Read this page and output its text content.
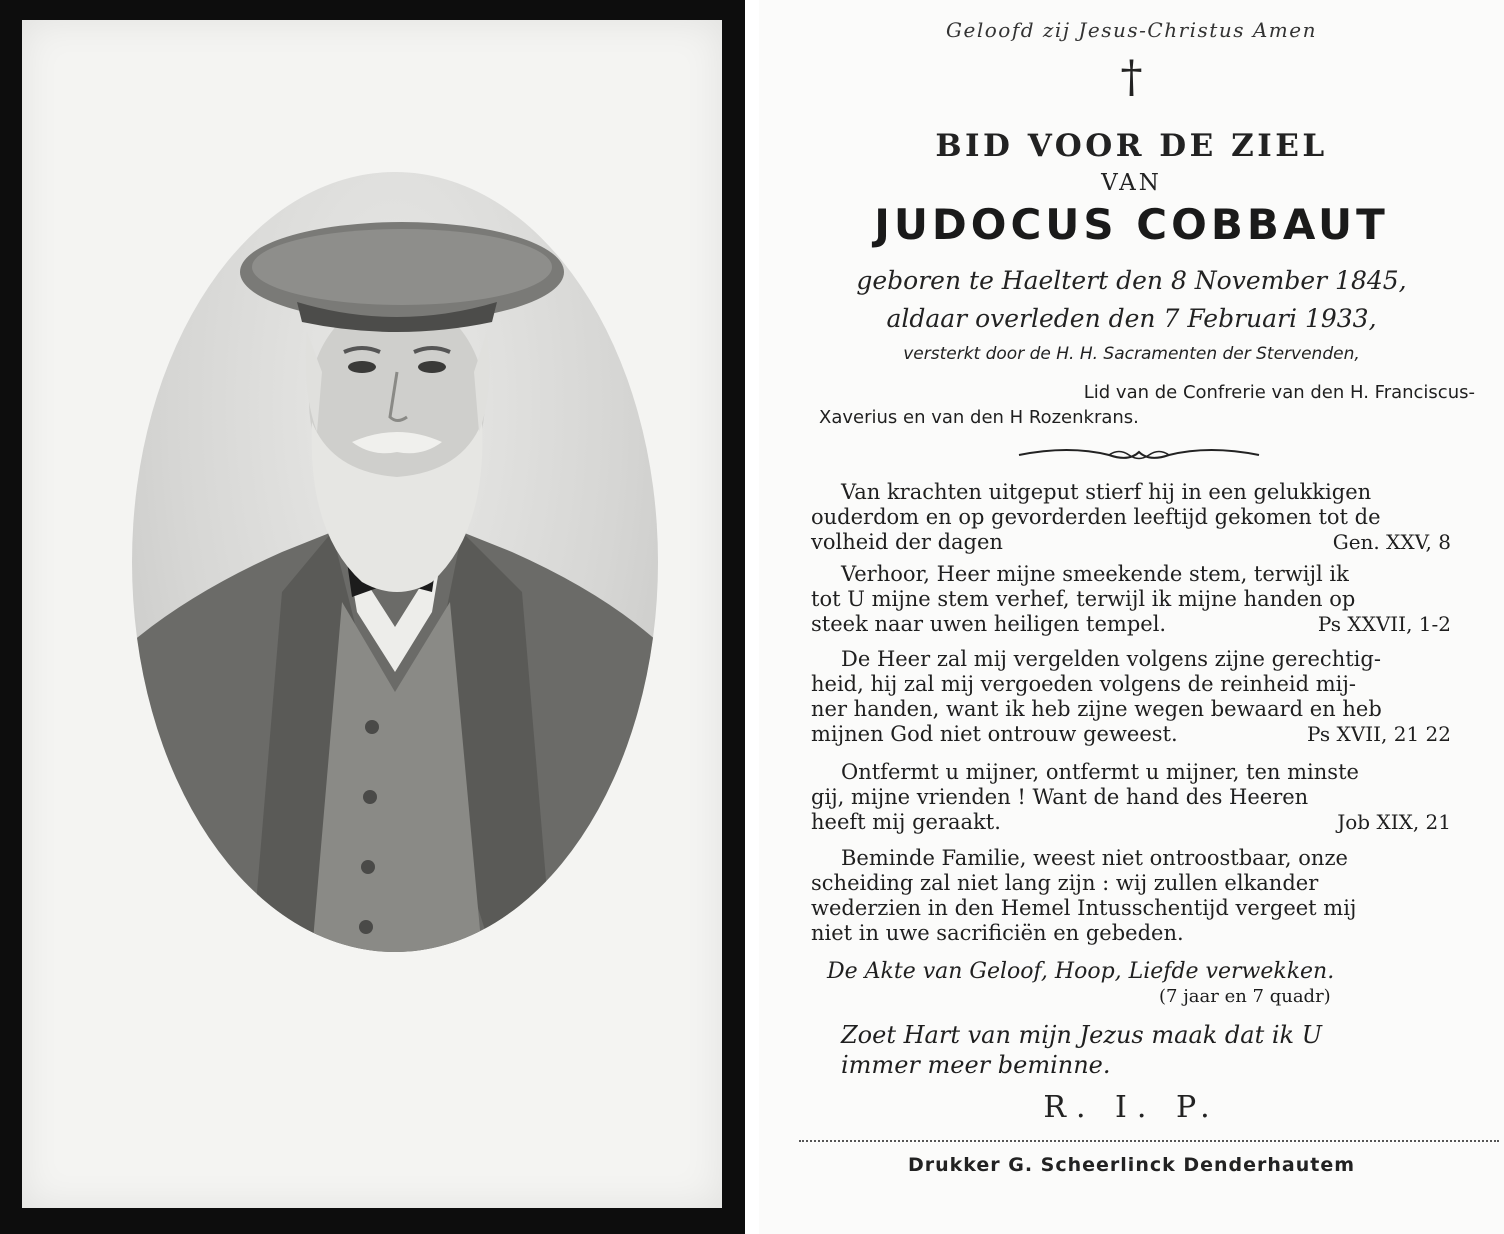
Geloofd zij Jesus-Christus Amen
†
BID VOOR DE ZIEL
VAN
JUDOCUS COBBAUT
geboren te Haeltert den 8 November 1845,
aldaar overleden den 7 Februari 1933,
versterkt door de H. H. Sacramenten der Stervenden,
Lid van de Confrerie van den H. Franciscus-
Xaverius en van den H Rozenkrans.
Van krachten uitgeput stierf hij in een gelukkigen
ouderdom en op gevorderden leeftijd gekomen tot de
volheid der dagen	Gen. XXV, 8
Verhoor, Heer mijne smeekende stem, terwijl ik
tot U mijne stem verhef, terwijl ik mijne handen op
steek naar uwen heiligen tempel.	Ps XXVII, 1-2
De Heer zal mij vergelden volgens zijne gerechtig-
heid, hij zal mij vergoeden volgens de reinheid mij-
ner handen, want ik heb zijne wegen bewaard en heb
mijnen God niet ontrouw geweest.	Ps XVII, 21 22
Ontfermt u mijner, ontfermt u mijner, ten minste
gij, mijne vrienden ! Want de hand des Heeren
heeft mij geraakt.	Job XIX, 21
Beminde Familie, weest niet ontroostbaar, onze
scheiding zal niet lang zijn : wij zullen elkander
wederzien in den Hemel Intusschentijd vergeet mij
niet in uwe sacrificiën en gebeden.
De Akte van Geloof, Hoop, Liefde verwekken.
(7 jaar en 7 quadr)
Zoet Hart van mijn Jezus maak dat ik U
immer meer beminne.
R. I. P.
Drukker G. Scheerlinck Denderhautem
